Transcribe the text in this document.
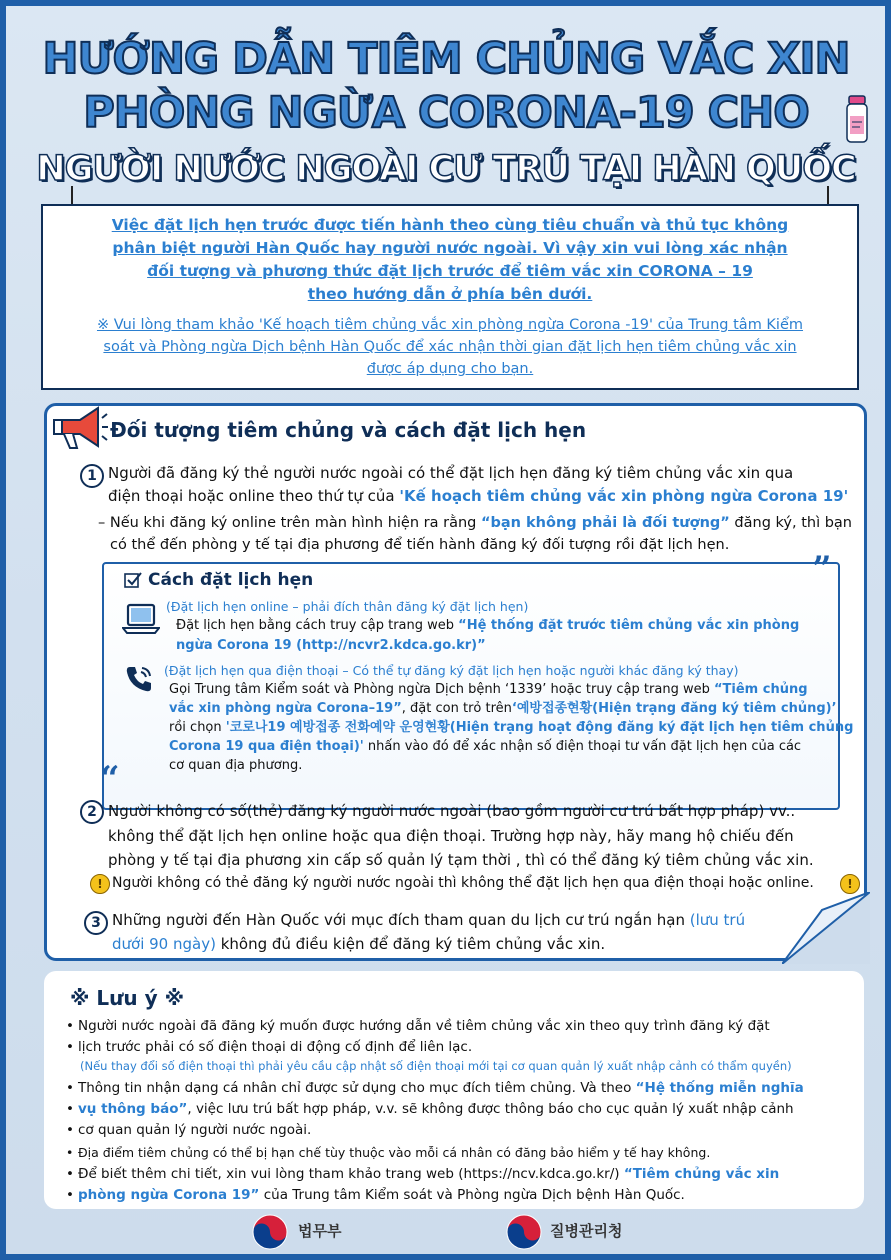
HƯỚNG DẪN TIÊM CHỦNG VẮC XIN
PHÒNG NGỪA CORONA-19 CHO
NGƯỜI NƯỚC NGOÀI CƯ TRÚ TẠI HÀN QUỐC

Việc đặt lịch hẹn trước được tiến hành theo cùng tiêu chuẩn và thủ tục không

phân biệt người Hàn Quốc hay người nước ngoài. Vì vậy xin vui lòng xác nhận

đối tượng và phương thức đặt lịch trước để tiêm vắc xin CORONA – 19

theo hướng dẫn ở phía bên dưới.

※ Vui lòng tham khảo 'Kế hoạch tiêm chủng vắc xin phòng ngừa Corona -19' của Trung tâm Kiểm

soát và Phòng ngừa Dịch bệnh Hàn Quốc để xác nhận thời gian đặt lịch hẹn tiêm chủng vắc xin

được áp dụng cho bạn.

Đối tượng tiêm chủng và cách đặt lịch hẹn
1 Người đã đăng ký thẻ người nước ngoài có thể đặt lịch hẹn đăng ký tiêm chủng vắc xin qua

điện thoại hoặc online theo thứ tự của 'Kế hoạch tiêm chủng vắc xin phòng ngừa Corona 19'

– Nếu khi đăng ký online trên màn hình hiện ra rằng “bạn không phải là đối tượng” đăng ký, thì bạn

có thể đến phòng y tế tại địa phương để tiến hành đăng ký đối tượng rồi đặt lịch hẹn.

”
“
Cách đặt lịch hẹn

(Đặt lịch hẹn online – phải đích thân đăng ký đặt lịch hẹn)

Đặt lịch hẹn bằng cách truy cập trang web “Hệ thống đặt trước tiêm chủng vắc xin phòng

ngừa Corona 19 (http://ncvr2.kdca.go.kr)”

(Đặt lịch hẹn qua điện thoại – Có thể tự đăng ký đặt lịch hẹn hoặc người khác đăng ký thay)

Gọi Trung tâm Kiểm soát và Phòng ngừa Dịch bệnh ‘1339’ hoặc truy cập trang web “Tiêm chủng

vắc xin phòng ngừa Corona–19”, đặt con trỏ trên‘예방접종현황(Hiện trạng đăng ký tiêm chủng)’

rồi chọn '코로나19 예방접종 전화예약 운영현황(Hiện trạng hoạt động đăng ký đặt lịch hẹn tiêm chủng

Corona 19 qua điện thoại)' nhấn vào đó để xác nhận số điện thoại tư vấn đặt lịch hẹn của các

cơ quan địa phương.

2 Người không có số(thẻ) đăng ký người nước ngoài (bao gồm người cư trú bất hợp pháp) vv..

không thể đặt lịch hẹn online hoặc qua điện thoại. Trường hợp này, hãy mang hộ chiếu đến

phòng y tế tại địa phương xin cấp số quản lý tạm thời , thì có thể đăng ký tiêm chủng vắc xin.

! Người không có thẻ đăng ký người nước ngoài thì không thể đặt lịch hẹn qua điện thoại hoặc online.	!
3 Những người đến Hàn Quốc với mục đích tham quan du lịch cư trú ngắn hạn (lưu trú

dưới 90 ngày) không đủ điều kiện để đăng ký tiêm chủng vắc xin.

※ Lưu ý ※

• Người nước ngoài đã đăng ký muốn được hướng dẫn về tiêm chủng vắc xin theo quy trình đăng ký đặt

• lịch trước phải có số điện thoại di động cố định để liên lạc.

(Nếu thay đổi số điện thoại thì phải yêu cầu cập nhật số điện thoại mới tại cơ quan quản lý xuất nhập cảnh có thẩm quyền)

• Thông tin nhận dạng cá nhân chỉ được sử dụng cho mục đích tiêm chủng. Và theo “Hệ thống miễn nghĩa

• vụ thông báo”, việc lưu trú bất hợp pháp, v.v. sẽ không được thông báo cho cục quản lý xuất nhập cảnh

• cơ quan quản lý người nước ngoài.

• Địa điểm tiêm chủng có thể bị hạn chế tùy thuộc vào mỗi cá nhân có đăng bảo hiểm y tế hay không.

• Để biết thêm chi tiết, xin vui lòng tham khảo trang web (https://ncv.kdca.go.kr/) “Tiêm chủng vắc xin

• phòng ngừa Corona 19” của Trung tâm Kiểm soát và Phòng ngừa Dịch bệnh Hàn Quốc.

법무부	질병관리청
